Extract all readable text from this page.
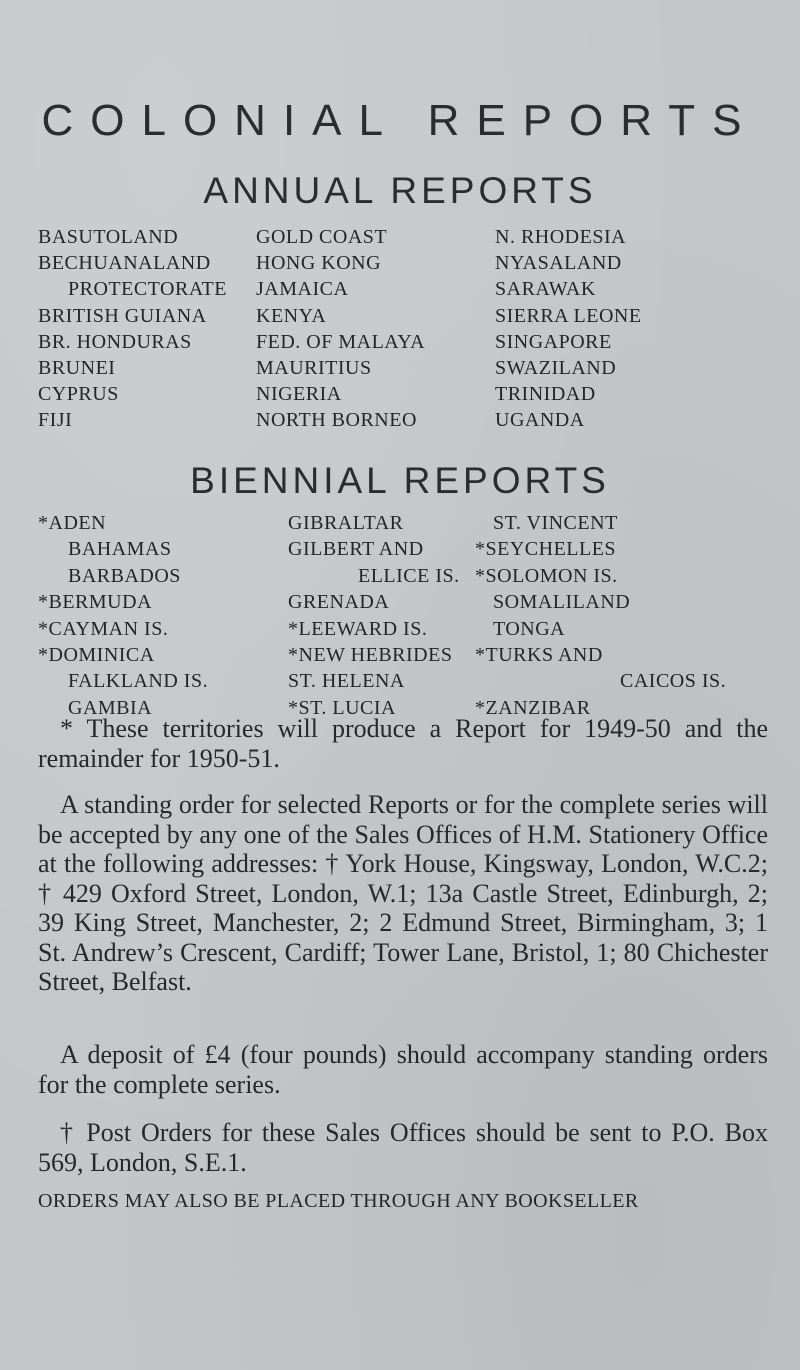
COLONIAL REPORTS
ANNUAL REPORTS
BASUTOLAND
BECHUANALAND
PROTECTORATE
BRITISH GUIANA
BR. HONDURAS
BRUNEI
CYPRUS
FIJI
GOLD COAST
HONG KONG
JAMAICA
KENYA
FED. OF MALAYA
MAURITIUS
NIGERIA
NORTH BORNEO
N. RHODESIA
NYASALAND
SARAWAK
SIERRA LEONE
SINGAPORE
SWAZILAND
TRINIDAD
UGANDA
BIENNIAL REPORTS
*ADEN
BAHAMAS
BARBADOS
*BERMUDA
*CAYMAN IS.
*DOMINICA
FALKLAND IS.
GAMBIA
GIBRALTAR
GILBERT AND
ELLICE IS.
GRENADA
*LEEWARD IS.
*NEW HEBRIDES
ST. HELENA
*ST. LUCIA
ST. VINCENT
*SEYCHELLES
*SOLOMON IS.
SOMALILAND
TONGA
*TURKS AND
CAICOS IS.
*ZANZIBAR

* These territories will produce a Report for 1949-50 and the remainder for 1950-51.

A standing order for selected Reports or for the complete series will be accepted by any one of the Sales Offices of H.M. Stationery Office at the following addresses: † York House, Kingsway, London, W.C.2; † 429 Oxford Street, London, W.1; 13a Castle Street, Edinburgh, 2; 39 King Street, Manchester, 2; 2 Edmund Street, Birmingham, 3; 1 St. Andrew’s Crescent, Cardiff; Tower Lane, Bristol, 1; 80 Chichester Street, Belfast.

A deposit of £4 (four pounds) should accompany standing orders for the complete series.

† Post Orders for these Sales Offices should be sent to P.O. Box 569, London, S.E.1.

ORDERS MAY ALSO BE PLACED THROUGH ANY BOOKSELLER
